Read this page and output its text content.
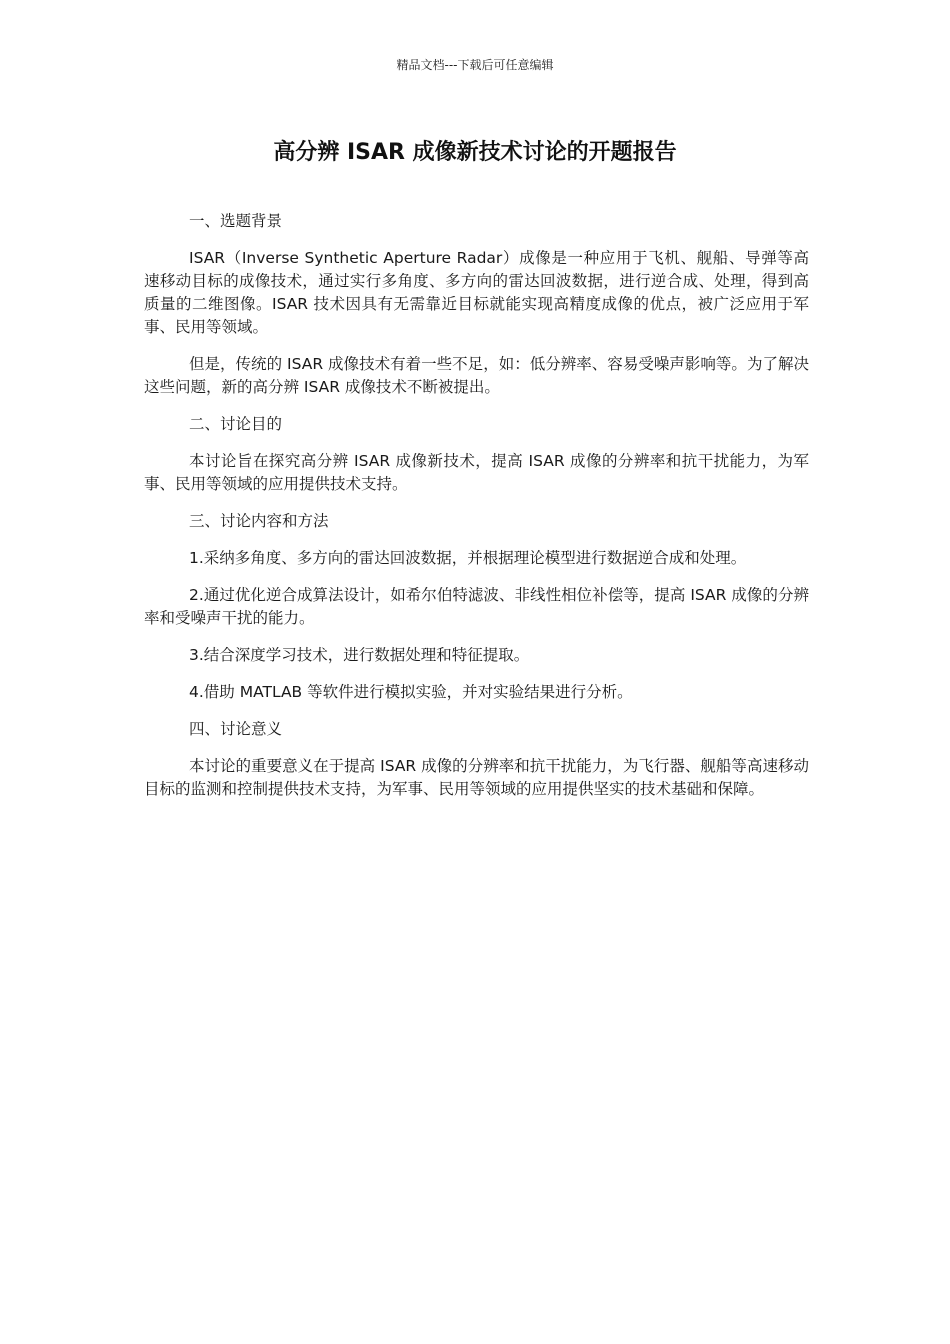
精品文档---下载后可任意编辑
高分辨 ISAR 成像新技术讨论的开题报告

一、选题背景

ISAR（Inverse Synthetic Aperture Radar）成像是一种应用于飞机、舰船、导弹等高速移动目标的成像技术，通过实行多角度、多方向的雷达回波数据，进行逆合成、处理，得到高质量的二维图像。ISAR 技术因具有无需靠近目标就能实现高精度成像的优点，被广泛应用于军事、民用等领域。

但是，传统的 ISAR 成像技术有着一些不足，如：低分辨率、容易受噪声影响等。为了解决这些问题，新的高分辨 ISAR 成像技术不断被提出。

二、讨论目的

本讨论旨在探究高分辨 ISAR 成像新技术，提高 ISAR 成像的分辨率和抗干扰能力，为军事、民用等领域的应用提供技术支持。

三、讨论内容和方法

1.采纳多角度、多方向的雷达回波数据，并根据理论模型进行数据逆合成和处理。

2.通过优化逆合成算法设计，如希尔伯特滤波、非线性相位补偿等，提高 ISAR 成像的分辨率和受噪声干扰的能力。

3.结合深度学习技术，进行数据处理和特征提取。

4.借助 MATLAB 等软件进行模拟实验，并对实验结果进行分析。

四、讨论意义

本讨论的重要意义在于提高 ISAR 成像的分辨率和抗干扰能力，为飞行器、舰船等高速移动目标的监测和控制提供技术支持，为军事、民用等领域的应用提供坚实的技术基础和保障。
